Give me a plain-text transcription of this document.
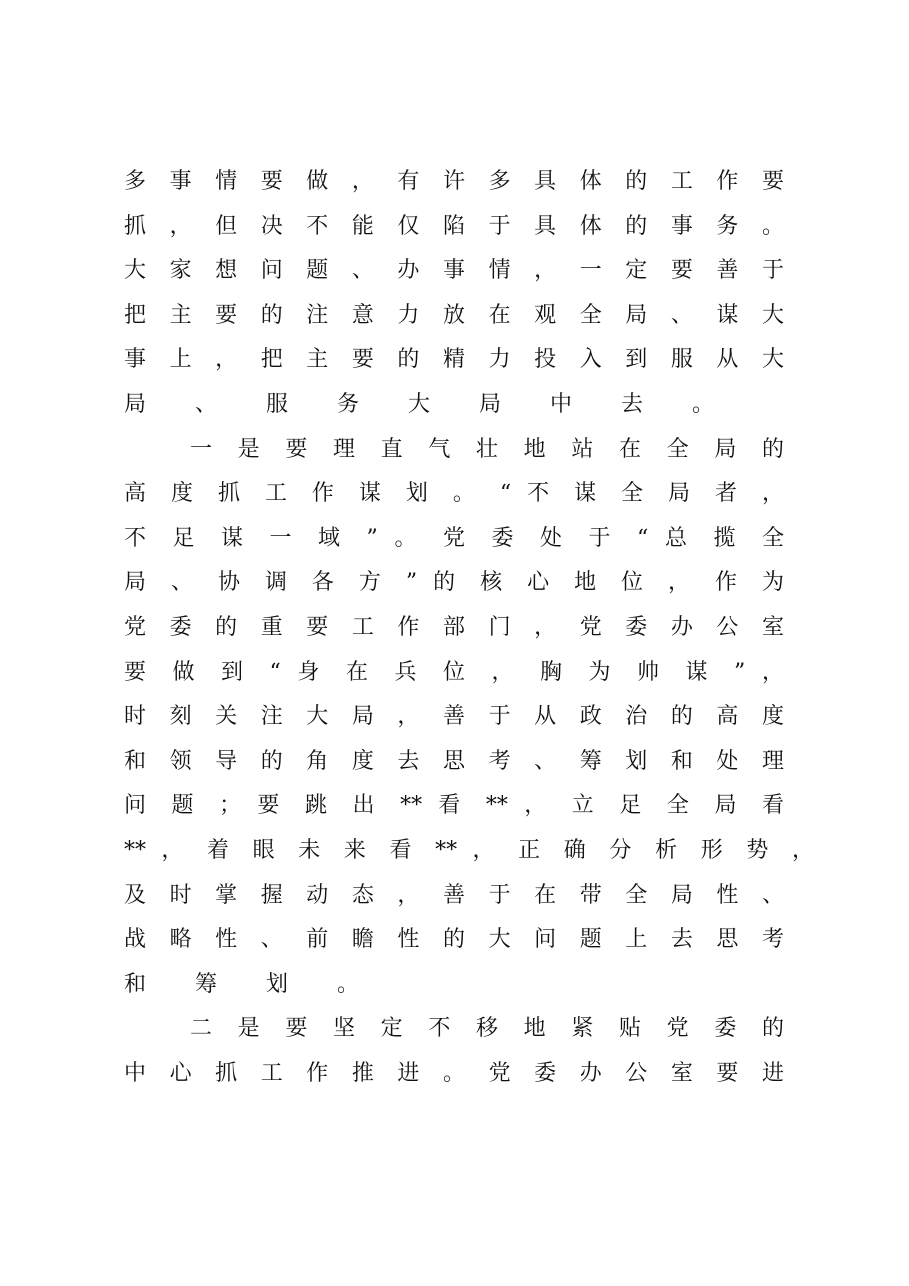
多 事 情 要 做 ， 有 许 多 具 体 的 工 作 要
抓 ， 但 决 不 能 仅 陷 于 具 体 的 事 务 。
大 家 想 问 题 、 办 事 情 ， 一 定 要 善 于
把 主 要 的 注 意 力 放 在 观 全 局 、 谋 大
事 上 ， 把 主 要 的 精 力 投 入 到 服 从 大
局 、 服 务 大 局 中 去 。
一 是 要 理 直 气 壮 地 站 在 全 局 的
高 度 抓 工 作 谋 划 。 “ 不 谋 全 局 者 ，
不 足 谋 一 域 ” 。 党 委 处 于 “ 总 揽 全
局 、 协 调 各 方 ” 的 核 心 地 位 ， 作 为
党 委 的 重 要 工 作 部 门 ， 党 委 办 公 室
要 做 到 “ 身 在 兵 位 ， 胸 为 帅 谋 ” ，
时 刻 关 注 大 局 ， 善 于 从 政 治 的 高 度
和 领 导 的 角 度 去 思 考 、 筹 划 和 处 理
问 题 ； 要 跳 出 ** 看 ** ， 立 足 全 局 看
** ， 着 眼 未 来 看 ** ， 正 确 分 析 形 势 ，
及 时 掌 握 动 态 ， 善 于 在 带 全 局 性 、
战 略 性 、 前 瞻 性 的 大 问 题 上 去 思 考
和 筹 划 。
二 是 要 坚 定 不 移 地 紧 贴 党 委 的
中 心 抓 工 作 推 进 。 党 委 办 公 室 要 进
